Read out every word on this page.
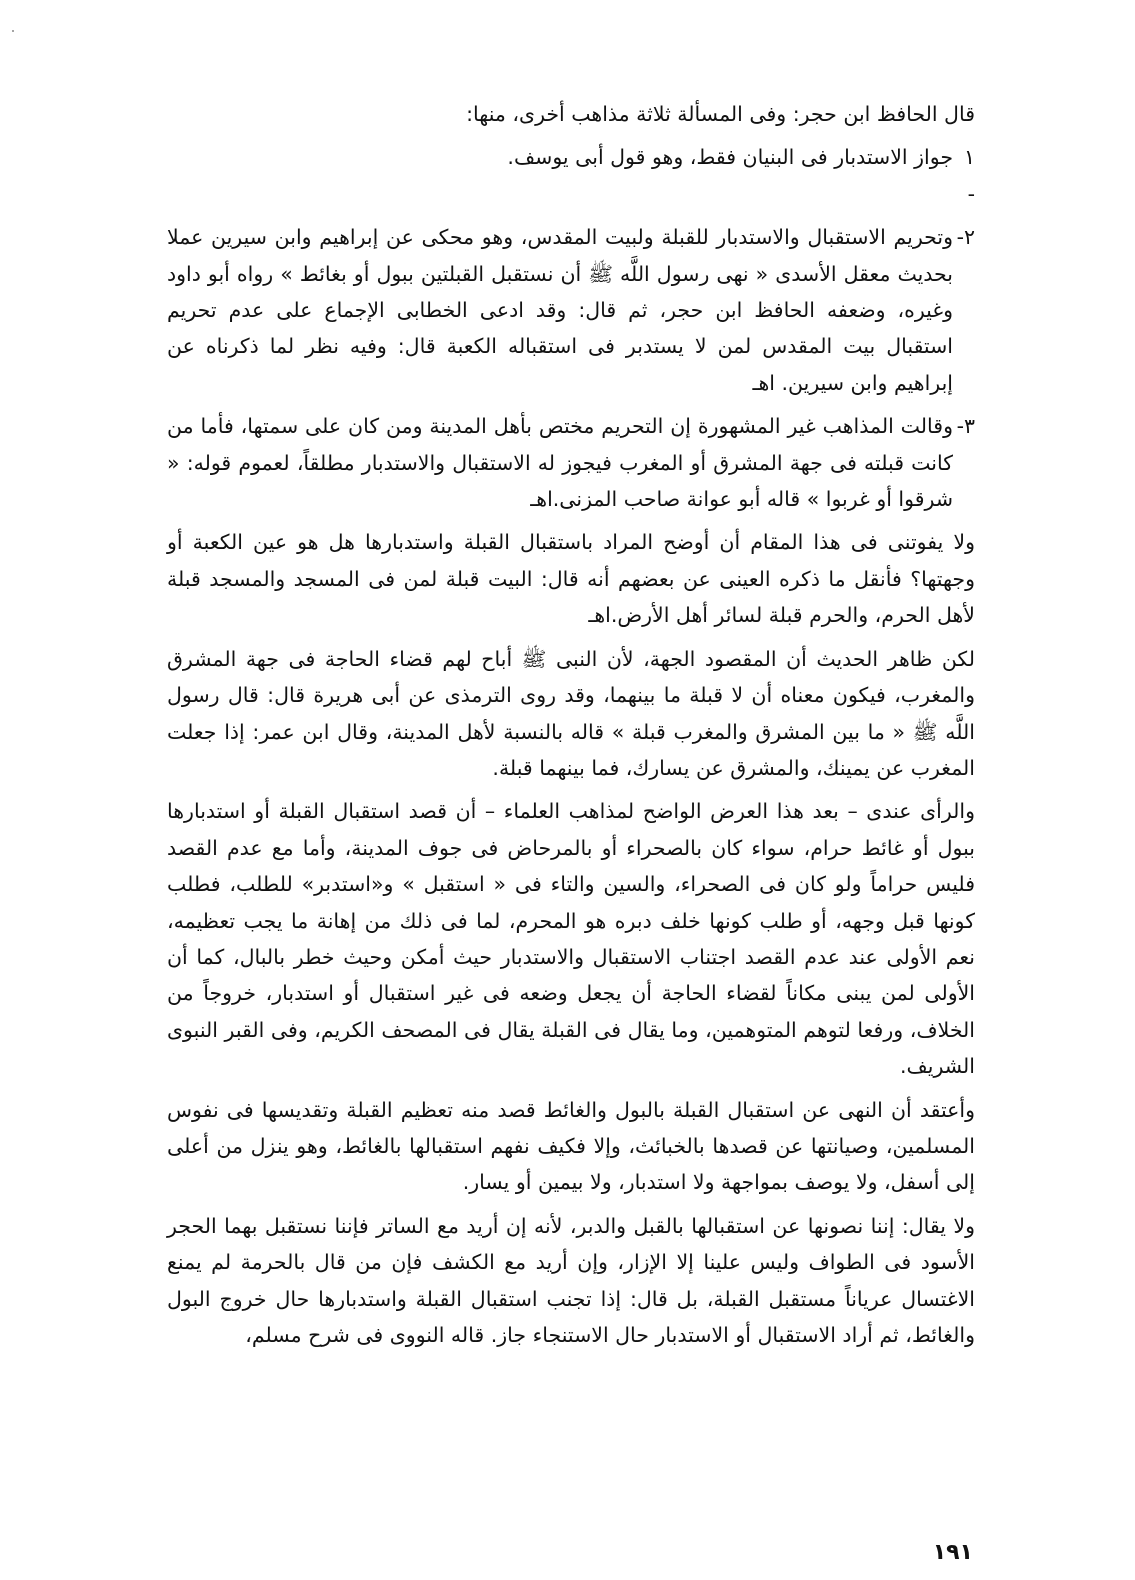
قال الحافظ ابن حجر: وفى المسألة ثلاثة مذاهب أخرى، منها:

١ -
جواز الاستدبار فى البنيان فقط، وهو قول أبى يوسف.
٢-
وتحريم الاستقبال والاستدبار للقبلة ولبيت المقدس، وهو محكى عن إبراهيم وابن سيرين عملا بحديث معقل الأسدى « نهى رسول اللَّه ﷺ أن نستقبل القبلتين ببول أو بغائط » رواه أبو داود وغيره، وضعفه الحافظ ابن حجر، ثم قال: وقد ادعى الخطابى الإجماع على عدم تحريم استقبال بيت المقدس لمن لا يستدبر فى استقباله الكعبة قال: وفيه نظر لما ذكرناه عن إبراهيم وابن سيرين. اهـ
٣-
وقالت المذاهب غير المشهورة إن التحريم مختص بأهل المدينة ومن كان على سمتها، فأما من كانت قبلته فى جهة المشرق أو المغرب فيجوز له الاستقبال والاستدبار مطلقاً، لعموم قوله: « شرقوا أو غربوا » قاله أبو عوانة صاحب المزنى.اهـ

ولا يفوتنى فى هذا المقام أن أوضح المراد باستقبال القبلة واستدبارها هل هو عين الكعبة أو وجهتها؟ فأنقل ما ذكره العينى عن بعضهم أنه قال: البيت قبلة لمن فى المسجد والمسجد قبلة لأهل الحرم، والحرم قبلة لسائر أهل الأرض.اهـ

لكن ظاهر الحديث أن المقصود الجهة، لأن النبى ﷺ أباح لهم قضاء الحاجة فى جهة المشرق والمغرب، فيكون معناه أن لا قبلة ما بينهما، وقد روى الترمذى عن أبى هريرة قال: قال رسول اللَّه ﷺ « ما بين المشرق والمغرب قبلة » قاله بالنسبة لأهل المدينة، وقال ابن عمر: إذا جعلت المغرب عن يمينك، والمشرق عن يسارك، فما بينهما قبلة.

والرأى عندى – بعد هذا العرض الواضح لمذاهب العلماء – أن قصد استقبال القبلة أو استدبارها ببول أو غائط حرام، سواء كان بالصحراء أو بالمرحاض فى جوف المدينة، وأما مع عدم القصد فليس حراماً ولو كان فى الصحراء، والسين والتاء فى « استقبل » و«استدبر» للطلب، فطلب كونها قبل وجهه، أو طلب كونها خلف دبره هو المحرم، لما فى ذلك من إهانة ما يجب تعظيمه، نعم الأولى عند عدم القصد اجتناب الاستقبال والاستدبار حيث أمكن وحيث خطر بالبال، كما أن الأولى لمن يبنى مكاناً لقضاء الحاجة أن يجعل وضعه فى غير استقبال أو استدبار، خروجاً من الخلاف، ورفعا لتوهم المتوهمين، وما يقال فى القبلة يقال فى المصحف الكريم، وفى القبر النبوى الشريف.

وأعتقد أن النهى عن استقبال القبلة بالبول والغائط قصد منه تعظيم القبلة وتقديسها فى نفوس المسلمين، وصيانتها عن قصدها بالخبائث، وإلا فكيف نفهم استقبالها بالغائط، وهو ينزل من أعلى إلى أسفل، ولا يوصف بمواجهة ولا استدبار، ولا بيمين أو يسار.

ولا يقال: إننا نصونها عن استقبالها بالقبل والدبر، لأنه إن أريد مع الساتر فإننا نستقبل بهما الحجر الأسود فى الطواف وليس علينا إلا الإزار، وإن أريد مع الكشف فإن من قال بالحرمة لم يمنع الاغتسال عرياناً مستقبل القبلة، بل قال: إذا تجنب استقبال القبلة واستدبارها حال خروج البول والغائط، ثم أراد الاستقبال أو الاستدبار حال الاستنجاء جاز. قاله النووى فى شرح مسلم،

١٩١
